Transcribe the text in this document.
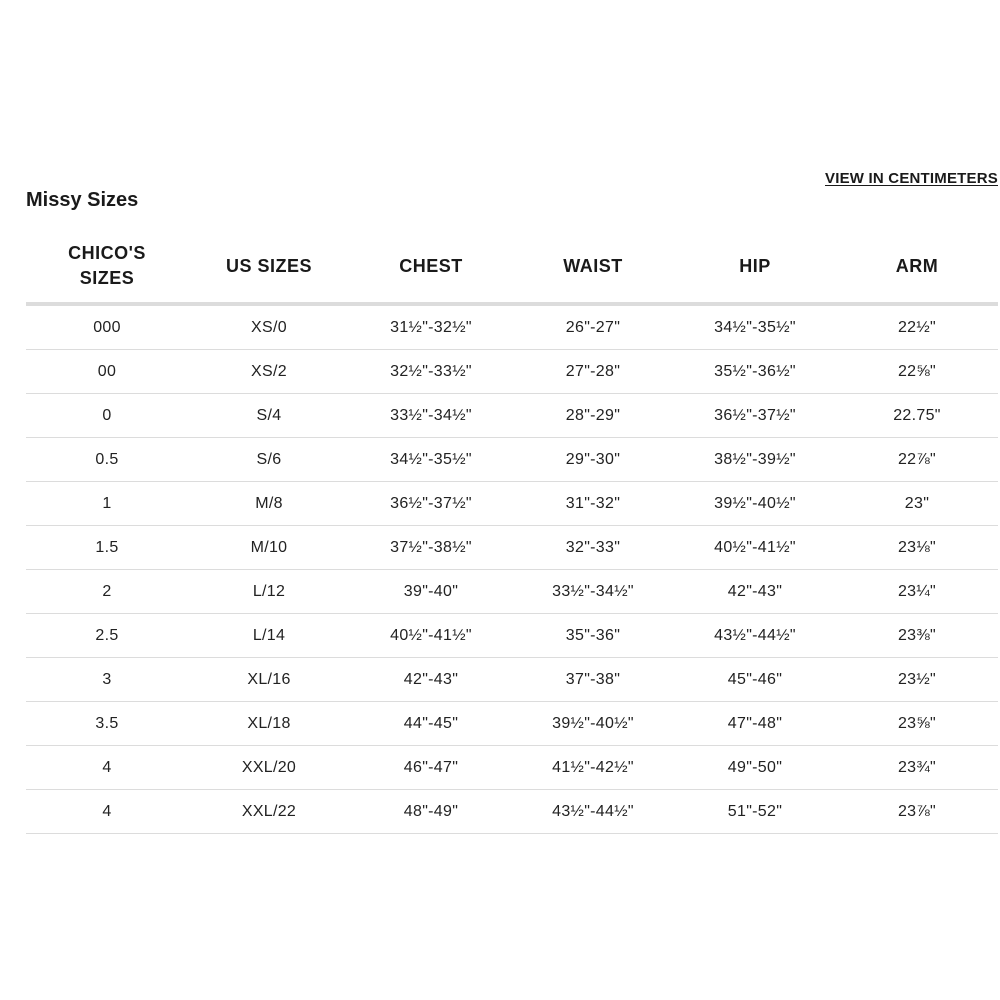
VIEW IN CENTIMETERS
Missy Sizes
CHICO'S SIZES	US SIZES	CHEST	WAIST	HIP	ARM
000	XS/0	31½"-32½"	26"-27"	34½"-35½"	22½"
00	XS/2	32½"-33½"	27"-28"	35½"-36½"	22⅝"
0	S/4	33½"-34½"	28"-29"	36½"-37½"	22.75"
0.5	S/6	34½"-35½"	29"-30"	38½"-39½"	22⅞"
1	M/8	36½"-37½"	31"-32"	39½"-40½"	23"
1.5	M/10	37½"-38½"	32"-33"	40½"-41½"	23⅛"
2	L/12	39"-40"	33½"-34½"	42"-43"	23¼"
2.5	L/14	40½"-41½"	35"-36"	43½"-44½"	23⅜"
3	XL/16	42"-43"	37"-38"	45"-46"	23½"
3.5	XL/18	44"-45"	39½"-40½"	47"-48"	23⅝"
4	XXL/20	46"-47"	41½"-42½"	49"-50"	23¾"
4	XXL/22	48"-49"	43½"-44½"	51"-52"	23⅞"
